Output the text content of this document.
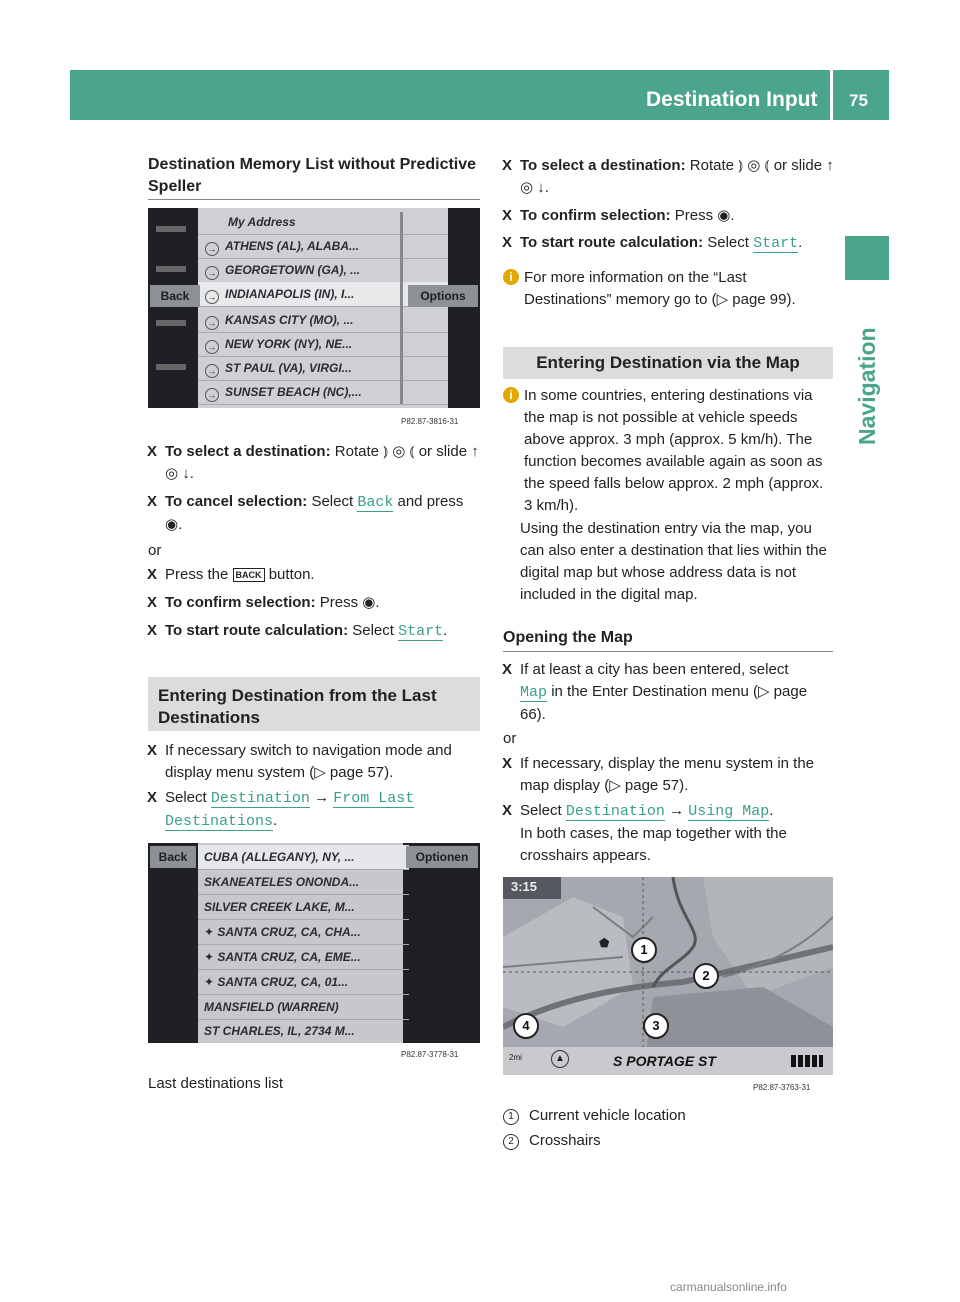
Destination Input 75
Navigation
Destination Memory List without Predictive Speller
My Address
→ ATHENS (AL), ALABA...
→ GEORGETOWN (GA), ...
→ INDIANAPOLIS (IN), I...
→ KANSAS CITY (MO), ...
→ NEW YORK (NY), NE...
→ ST PAUL (VA), VIRGI...
→ SUNSET BEACH (NC),...
Back	Options
P82.87-3816-31
X To select a destination: Rotate ⦆ ◎ ⦅ or slide ↑ ◎ ↓.
X To cancel selection: Select Back and press ◉.
or
X Press the BACK button.
X To confirm selection: Press ◉.
X To start route calculation: Select Start.
Entering Destination from the Last Destinations
X If necessary switch to navigation mode and display menu system (▷ page 57).
X Select Destination → From Last
Destinations.
CUBA (ALLEGANY), NY, ...
SKANEATELES ONONDA...
SILVER CREEK LAKE, M...
✦ SANTA CRUZ, CA, CHA...
✦ SANTA CRUZ, CA, EME...
✦ SANTA CRUZ, CA, 01...
MANSFIELD (WARREN)
ST CHARLES, IL, 2734 M...
Back	Optionen
P82.87-3778-31
Last destinations list
X To select a destination: Rotate ⦆ ◎ ⦅ or slide ↑ ◎ ↓.
X To confirm selection: Press ◉.
X To start route calculation: Select Start.
i For more information on the “Last Destinations” memory go to (▷ page 99).
Entering Destination via the Map
i In some countries, entering destinations via the map is not possible at vehicle speeds above approx. 3 mph (approx. 5 km/h). The function becomes available again as soon as the speed falls below approx. 2 mph (approx. 3 km/h).
Using the destination entry via the map, you can also enter a destination that lies within the digital map but whose address data is not included in the digital map.
Opening the Map
X If at least a city has been entered, select
Map in the Enter Destination menu (▷ page 66).
or
X If necessary, display the menu system in the map display (▷ page 57).
X Select Destination → Using Map.
In both cases, the map together with the crosshairs appears.
3:15
2mi	▲	S PORTAGE ST
⬟	1
2
3
4
P82.87-3763-31
1 Current vehicle location
2 Crosshairs
carmanualsonline.info
